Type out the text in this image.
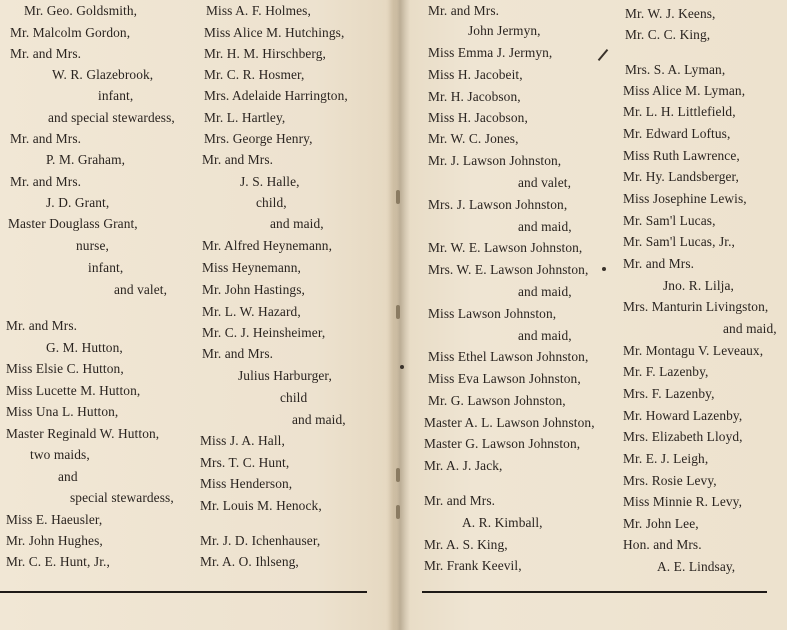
Mr. Geo. Goldsmith,
Mr. Malcolm Gordon,
Mr. and Mrs.
W. R. Glazebrook,
infant,
and special stewardess,
Mr. and Mrs.
P. M. Graham,
Mr. and Mrs.
J. D. Grant,
Master Douglass Grant,
nurse,
infant,
and valet,
Mr. and Mrs.
G. M. Hutton,
Miss Elsie C. Hutton,
Miss Lucette M. Hutton,
Miss Una L. Hutton,
Master Reginald W. Hutton,
two maids,
and
special stewardess,
Miss E. Haeusler,
Mr. John Hughes,
Mr. C. E. Hunt, Jr.,
Miss A. F. Holmes,
Miss Alice M. Hutchings,
Mr. H. M. Hirschberg,
Mr. C. R. Hosmer,
Mrs. Adelaide Harrington,
Mr. L. Hartley,
Mrs. George Henry,
Mr. and Mrs.
J. S. Halle,
child,
and maid,
Mr. Alfred Heynemann,
Miss Heynemann,
Mr. John Hastings,
Mr. L. W. Hazard,
Mr. C. J. Heinsheimer,
Mr. and Mrs.
Julius Harburger,
child
and maid,
Miss J. A. Hall,
Mrs. T. C. Hunt,
Miss Henderson,
Mr. Louis M. Henock,
Mr. J. D. Ichenhauser,
Mr. A. O. Ihlseng,
Mr. and Mrs.
John Jermyn,
Miss Emma J. Jermyn,
Miss H. Jacobeit,
Mr. H. Jacobson,
Miss H. Jacobson,
Mr. W. C. Jones,
Mr. J. Lawson Johnston,
and valet,
Mrs. J. Lawson Johnston,
and maid,
Mr. W. E. Lawson Johnston,
Mrs. W. E. Lawson Johnston,
and maid,
Miss Lawson Johnston,
and maid,
Miss Ethel Lawson Johnston,
Miss Eva Lawson Johnston,
Mr. G. Lawson Johnston,
Master A. L. Lawson Johnston,
Master G. Lawson Johnston,
Mr. A. J. Jack,
Mr. and Mrs.
A. R. Kimball,
Mr. A. S. King,
Mr. Frank Keevil,
Mr. W. J. Keens,
Mr. C. C. King,
Mrs. S. A. Lyman,
Miss Alice M. Lyman,
Mr. L. H. Littlefield,
Mr. Edward Loftus,
Miss Ruth Lawrence,
Mr. Hy. Landsberger,
Miss Josephine Lewis,
Mr. Sam'l Lucas,
Mr. Sam'l Lucas, Jr.,
Mr. and Mrs.
Jno. R. Lilja,
Mrs. Manturin Livingston,
and maid,
Mr. Montagu V. Leveaux,
Mr. F. Lazenby,
Mrs. F. Lazenby,
Mr. Howard Lazenby,
Mrs. Elizabeth Lloyd,
Mr. E. J. Leigh,
Mrs. Rosie Levy,
Miss Minnie R. Levy,
Mr. John Lee,
Hon. and Mrs.
A. E. Lindsay,
